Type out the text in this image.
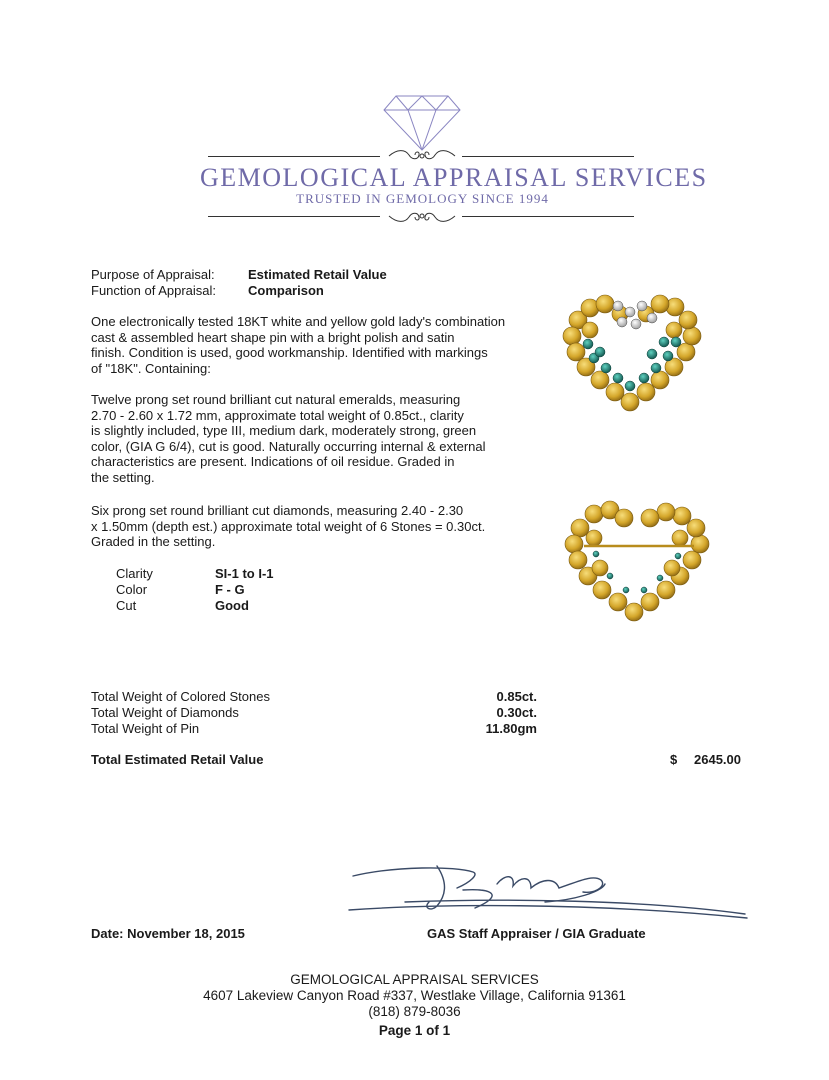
GEMOLOGICAL APPRAISAL SERVICES
TRUSTED IN GEMOLOGY SINCE 1994
Purpose of Appraisal:	Estimated Retail Value
Function of Appraisal: Comparison
One electronically tested 18KT white and yellow gold lady's combination
cast & assembled heart shape pin with a bright polish and satin
finish. Condition is used, good workmanship. Identified with markings
of "18K". Containing:
Twelve prong set round brilliant cut natural emeralds, measuring
2.70 - 2.60 x 1.72 mm, approximate total weight of 0.85ct., clarity
is slightly included, type III, medium dark, moderately strong, green
color, (GIA G 6/4), cut is good. Naturally occurring internal & external
characteristics are present. Indications of oil residue. Graded in
the setting.
Six prong set round brilliant cut diamonds, measuring 2.40 - 2.30
x 1.50mm (depth est.) approximate total weight of 6 Stones = 0.30ct.
Graded in the setting.
Clarity	SI-1 to I-1
Color	F - G
Cut	Good
Total Weight of Colored Stones	0.85ct.
Total Weight of Diamonds	0.30ct.
Total Weight of Pin	11.80gm
Total Estimated Retail Value	$ 2645.00
Date: November 18, 2015	GAS Staff Appraiser / GIA Graduate
GEMOLOGICAL APPRAISAL SERVICES
4607 Lakeview Canyon Road #337, Westlake Village, California 91361
(818) 879-8036
Page 1 of 1
